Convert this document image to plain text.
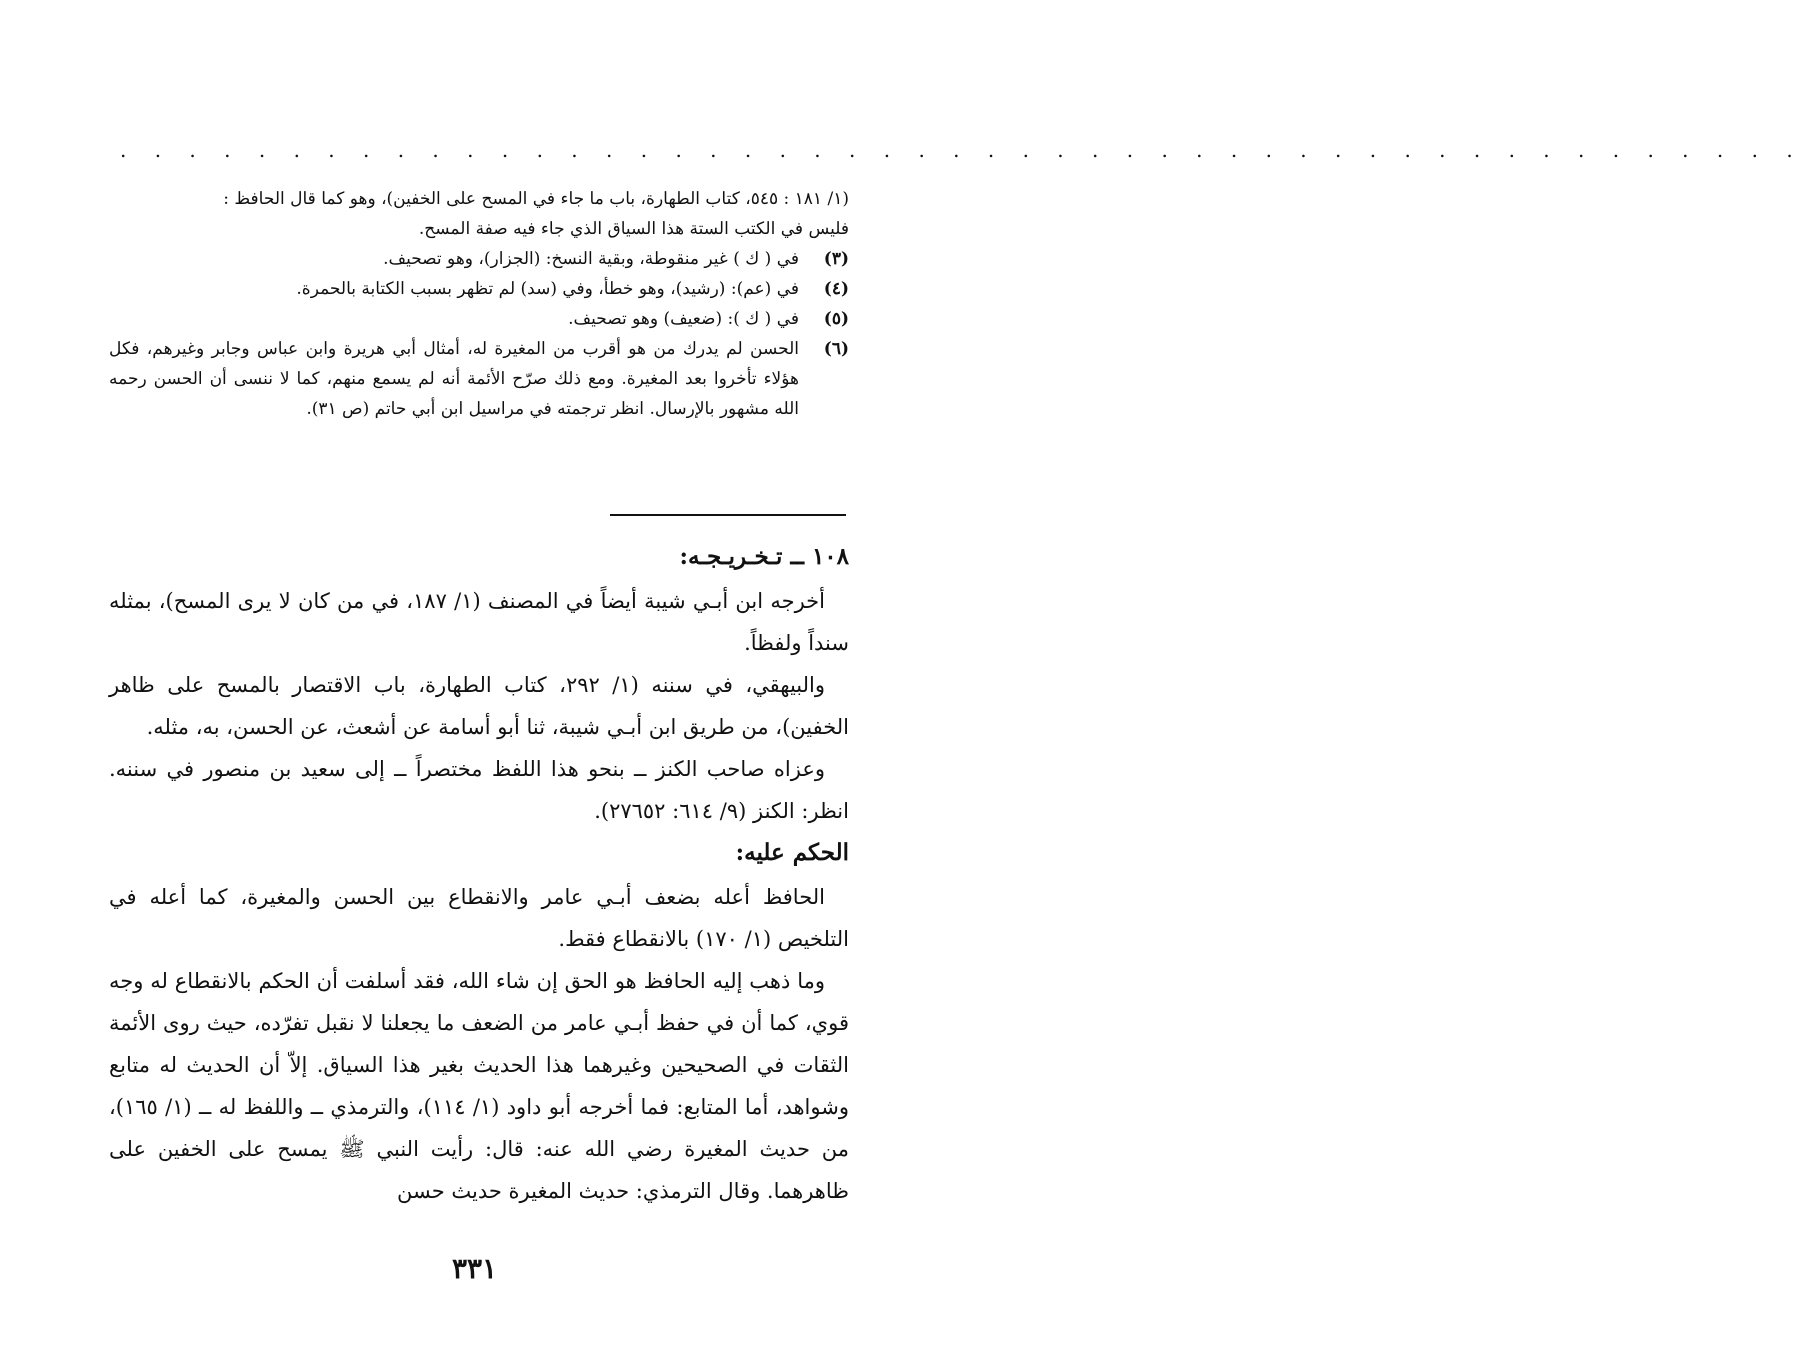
. . . . . . . . . . . . . . . . . . . . . . . . . . . . . . . . . . . . . . . . . . . . . . . . .

(١/ ١٨١ : ٥٤٥، كتاب الطهارة، باب ما جاء في المسح على الخفين)، وهو كما قال الحافظ :

فليس في الكتب الستة هذا السياق الذي جاء فيه صفة المسح.

(٣)
في ( ك ) غير منقوطة، وبقية النسخ: (الجزار)، وهو تصحيف.
(٤)
في (عم): (رشيد)، وهو خطأ، وفي (سد) لم تظهر بسبب الكتابة بالحمرة.
(٥)
في ( ك ): (ضعيف) وهو تصحيف.
(٦)
الحسن لم يدرك من هو أقرب من المغيرة له، أمثال أبي هريرة وابن عباس وجابر وغيرهم، فكل هؤلاء تأخروا بعد المغيرة. ومع ذلك صرّح الأئمة أنه لم يسمع منهم، كما لا ننسى أن الحسن رحمه الله مشهور بالإرسال. انظر ترجمته في مراسيل ابن أبي حاتم (ص ٣١).

١٠٨ ــ تـخـريـجـه:

أخرجه ابن أبـي شيبة أيضاً في المصنف (١/ ١٨٧، في من كان لا يرى المسح)، بمثله سنداً ولفظاً.

والبيهقي، في سننه (١/ ٢٩٢، كتاب الطهارة، باب الاقتصار بالمسح على ظاهر الخفين)، من طريق ابن أبـي شيبة، ثنا أبو أسامة عن أشعث، عن الحسن، به، مثله.

وعزاه صاحب الكنز ــ بنحو هذا اللفظ مختصراً ــ إلى سعيد بن منصور في سننه. انظر: الكنز (٩/ ٦١٤: ٢٧٦٥٢).

الحكم عليه:

الحافظ أعله بضعف أبـي عامر والانقطاع بين الحسن والمغيرة، كما أعله في التلخيص (١/ ١٧٠) بالانقطاع فقط.

وما ذهب إليه الحافظ هو الحق إن شاء الله، فقد أسلفت أن الحكم بالانقطاع له وجه قوي، كما أن في حفظ أبـي عامر من الضعف ما يجعلنا لا نقبل تفرّده، حيث روى الأئمة الثقات في الصحيحين وغيرهما هذا الحديث بغير هذا السياق. إلاّ أن الحديث له متابع وشواهد، أما المتابع: فما أخرجه أبو داود (١/ ١١٤)، والترمذي ــ واللفظ له ــ (١/ ١٦٥)، من حديث المغيرة رضي الله عنه: قال: رأيت النبي ﷺ يمسح على الخفين على ظاهرهما. وقال الترمذي: حديث المغيرة حديث حسن

٣٣١
